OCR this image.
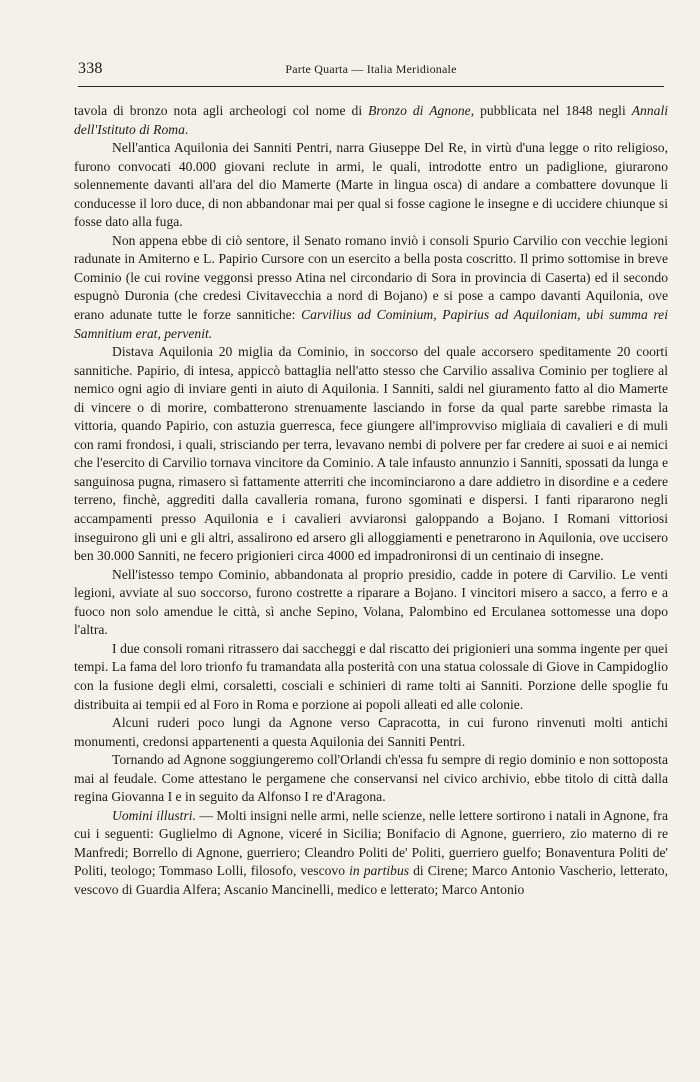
338	Parte Quarta — Italia Meridionale

tavola di bronzo nota agli archeologi col nome di Bronzo di Agnone, pubblicata nel 1848 negli Annali dell'Istituto di Roma.

Nell'antica Aquilonia dei Sanniti Pentri, narra Giuseppe Del Re, in virtù d'una legge o rito religioso, furono convocati 40.000 giovani reclute in armi, le quali, introdotte entro un padiglione, giurarono solennemente davanti all'ara del dio Mamerte (Marte in lingua osca) di andare a combattere dovunque li conducesse il loro duce, di non abbandonar mai per qual si fosse cagione le insegne e di uccidere chiunque si fosse dato alla fuga.

Non appena ebbe di ciò sentore, il Senato romano inviò i consoli Spurio Carvilio con vecchie legioni radunate in Amiterno e L. Papirio Cursore con un esercito a bella posta coscritto. Il primo sottomise in breve Cominio (le cui rovine veggonsi presso Atina nel circondario di Sora in provincia di Caserta) ed il secondo espugnò Duronia (che credesi Civitavecchia a nord di Bojano) e si pose a campo davanti Aquilonia, ove erano adunate tutte le forze sannitiche: Carvilius ad Cominium, Papirius ad Aquiloniam, ubi summa rei Samnitium erat, pervenit.

Distava Aquilonia 20 miglia da Cominio, in soccorso del quale accorsero speditamente 20 coorti sannitiche. Papirio, di intesa, appiccò battaglia nell'atto stesso che Carvilio assaliva Cominio per togliere al nemico ogni agio di inviare genti in aiuto di Aquilonia. I Sanniti, saldi nel giuramento fatto al dio Mamerte di vincere o di morire, combatterono strenuamente lasciando in forse da qual parte sarebbe rimasta la vittoria, quando Papirio, con astuzia guerresca, fece giungere all'improvviso migliaia di cavalieri e di muli con rami frondosi, i quali, strisciando per terra, levavano nembi di polvere per far credere ai suoi e ai nemici che l'esercito di Carvilio tornava vincitore da Cominio. A tale infausto annunzio i Sanniti, spossati da lunga e sanguinosa pugna, rimasero sì fattamente atterriti che incominciarono a dare addietro in disordine e a cedere terreno, finchè, aggrediti dalla cavalleria romana, furono sgominati e dispersi. I fanti ripararono negli accampamenti presso Aquilonia e i cavalieri avviaronsi galoppando a Bojano. I Romani vittoriosi inseguirono gli uni e gli altri, assalirono ed arsero gli alloggiamenti e penetrarono in Aquilonia, ove uccisero ben 30.000 Sanniti, ne fecero prigionieri circa 4000 ed impadronironsi di un centinaio di insegne.

Nell'istesso tempo Cominio, abbandonata al proprio presidio, cadde in potere di Carvilio. Le venti legioni, avviate al suo soccorso, furono costrette a riparare a Bojano. I vincitori misero a sacco, a ferro e a fuoco non solo amendue le città, sì anche Sepino, Volana, Palombino ed Erculanea sottomesse una dopo l'altra.

I due consoli romani ritrassero dai saccheggi e dal riscatto dei prigionieri una somma ingente per quei tempi. La fama del loro trionfo fu tramandata alla posterità con una statua colossale di Giove in Campidoglio con la fusione degli elmi, corsaletti, cosciali e schinieri di rame tolti ai Sanniti. Porzione delle spoglie fu distribuita ai tempii ed al Foro in Roma e porzione ai popoli alleati ed alle colonie.

Alcuni ruderi poco lungi da Agnone verso Capracotta, in cui furono rinvenuti molti antichi monumenti, credonsi appartenenti a questa Aquilonia dei Sanniti Pentri.

Tornando ad Agnone soggiungeremo coll'Orlandi ch'essa fu sempre di regio dominio e non sottoposta mai al feudale. Come attestano le pergamene che conservansi nel civico archivio, ebbe titolo di città dalla regina Giovanna I e in seguito da Alfonso I re d'Aragona.

Uomini illustri. — Molti insigni nelle armi, nelle scienze, nelle lettere sortirono i natali in Agnone, fra cui i seguenti: Guglielmo di Agnone, viceré in Sicilia; Bonifacio di Agnone, guerriero, zio materno di re Manfredi; Borrello di Agnone, guerriero; Cleandro Politi de' Politi, guerriero guelfo; Bonaventura Politi de' Politi, teologo; Tommaso Lolli, filosofo, vescovo in partibus di Cirene; Marco Antonio Vascherio, letterato, vescovo di Guardia Alfera; Ascanio Mancinelli, medico e letterato; Marco Antonio
